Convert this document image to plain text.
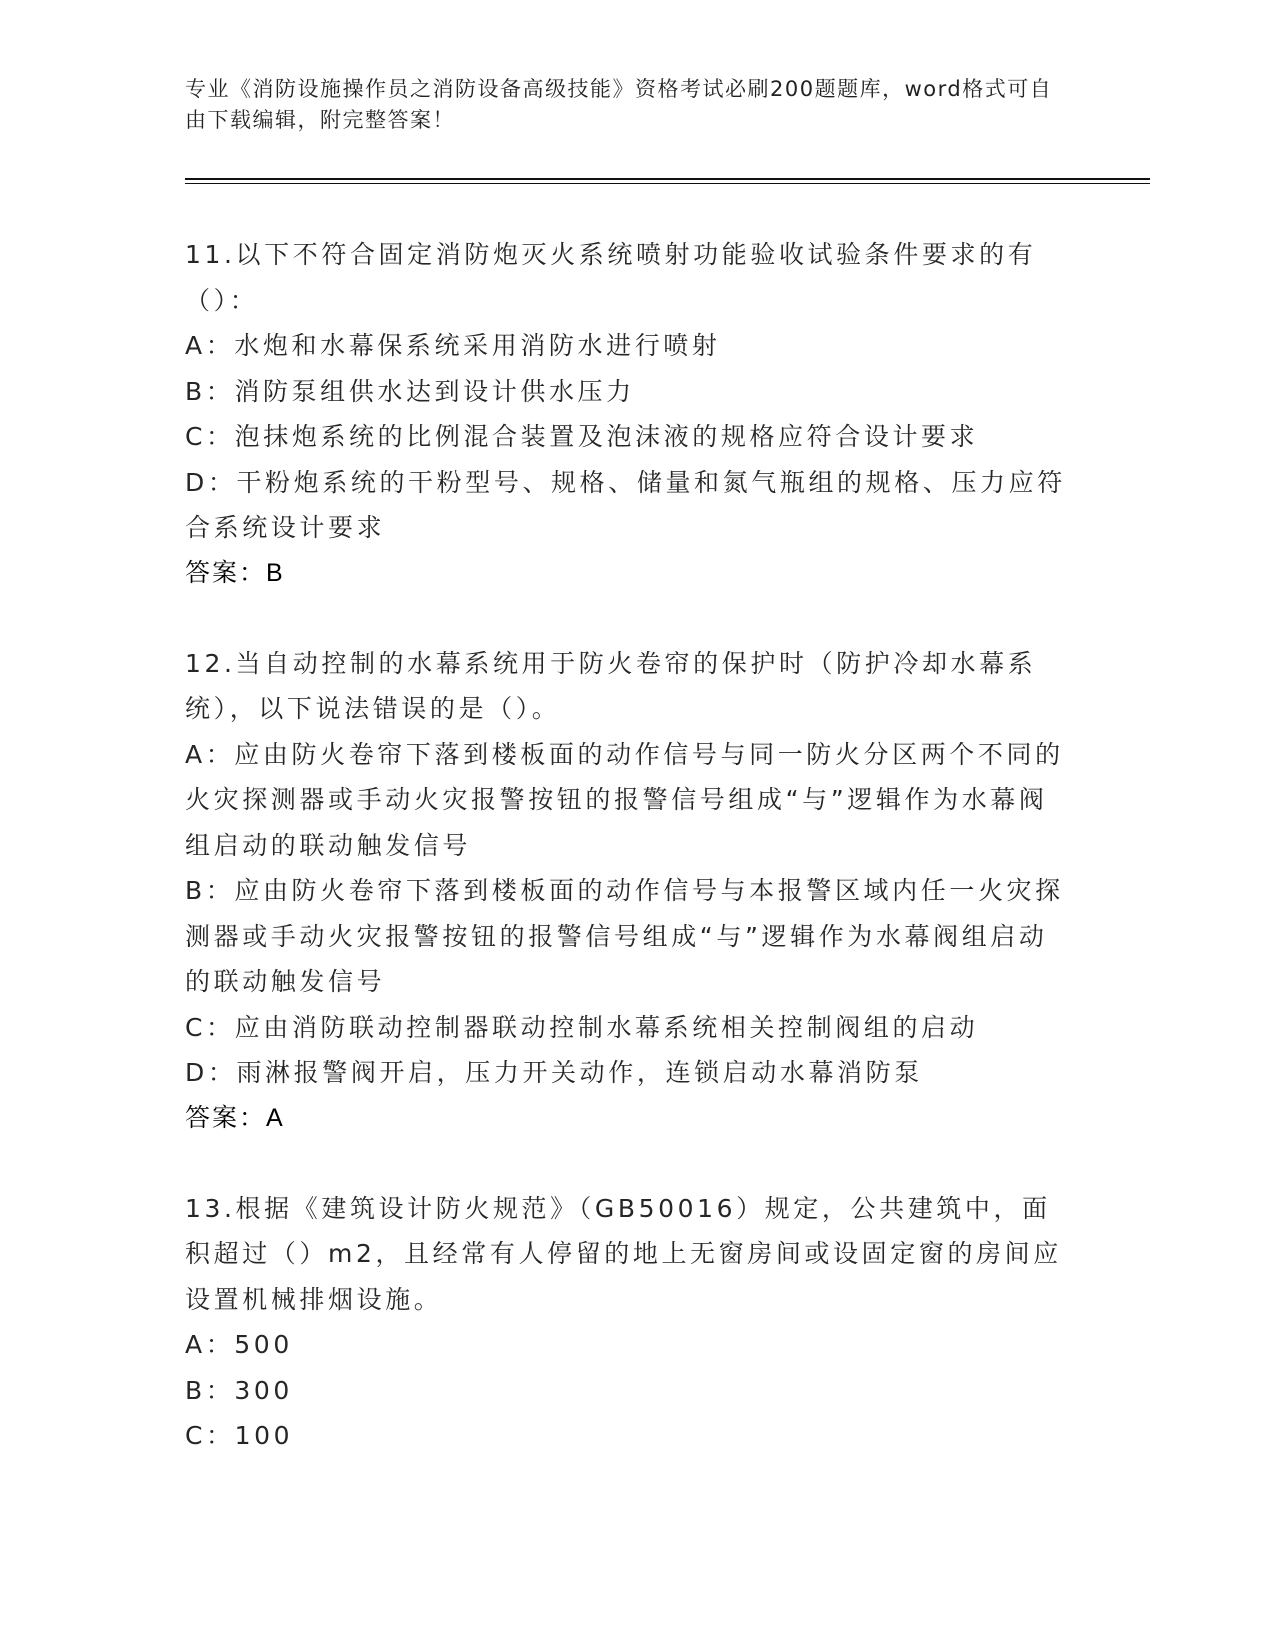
专业《消防设施操作员之消防设备高级技能》资格考试必刷200题题库，word格式可自由下载编辑，附完整答案！

11.以下不符合固定消防炮灭火系统喷射功能验收试验条件要求的有（）：

A：水炮和水幕保系统采用消防水进行喷射

B：消防泵组供水达到设计供水压力

C：泡抹炮系统的比例混合装置及泡沫液的规格应符合设计要求

D：干粉炮系统的干粉型号、规格、储量和氮气瓶组的规格、压力应符合系统设计要求

答案：B

12.当自动控制的水幕系统用于防火卷帘的保护时（防护冷却水幕系统），以下说法错误的是（）。

A：应由防火卷帘下落到楼板面的动作信号与同一防火分区两个不同的火灾探测器或手动火灾报警按钮的报警信号组成“与”逻辑作为水幕阀组启动的联动触发信号

B：应由防火卷帘下落到楼板面的动作信号与本报警区域内任一火灾探测器或手动火灾报警按钮的报警信号组成“与”逻辑作为水幕阀组启动的联动触发信号

C：应由消防联动控制器联动控制水幕系统相关控制阀组的启动

D：雨淋报警阀开启，压力开关动作，连锁启动水幕消防泵

答案：A

13.根据《建筑设计防火规范》（GB50016）规定，公共建筑中，面积超过（）m2，且经常有人停留的地上无窗房间或设固定窗的房间应设置机械排烟设施。

A：500

B：300

C：100
